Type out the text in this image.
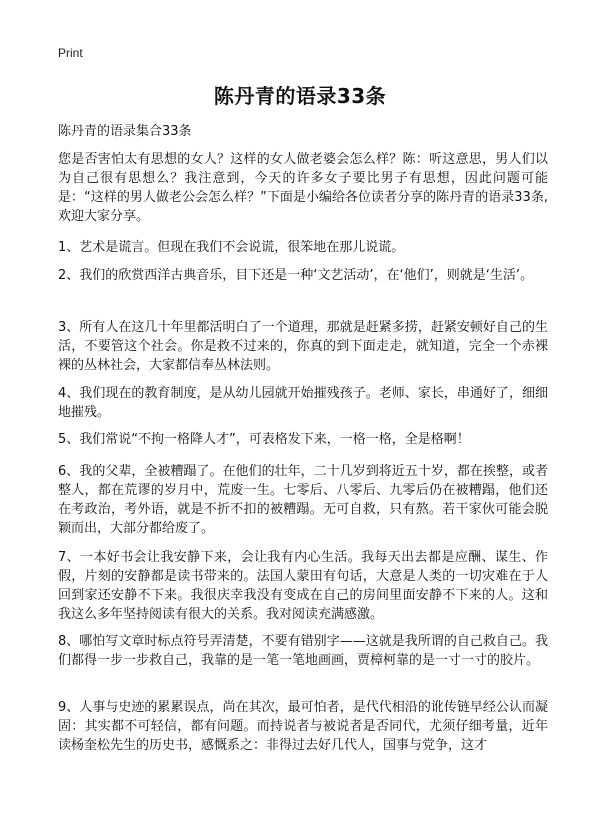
Print
陈丹青的语录33条
陈丹青的语录集合33条

您是否害怕太有思想的女人？这样的女人做老婆会怎么样？陈：听这意思，男人们以为自己很有思想么？我注意到，今天的许多女子要比男子有思想，因此问题可能是：“这样的男人做老公会怎么样？”下面是小编给各位读者分享的陈丹青的语录33条,欢迎大家分享。

1、艺术是谎言。但现在我们不会说谎，很笨地在那儿说谎。

2、我们的欣赏西洋古典音乐，目下还是一种‘文艺活动’，在‘他们’，则就是‘生活’。

3、所有人在这几十年里都活明白了一个道理，那就是赶紧多捞，赶紧安顿好自己的生活，不要管这个社会。你是救不过来的，你真的到下面走走，就知道，完全一个赤裸裸的丛林社会，大家都信奉丛林法则。

4、我们现在的教育制度，是从幼儿园就开始摧残孩子。老师、家长，串通好了，细细地摧残。

5、我们常说“不拘一格降人才”，可表格发下来，一格一格，全是格啊！

6、我的父辈，全被糟蹋了。在他们的壮年，二十几岁到将近五十岁，都在挨整，或者整人，都在荒谬的岁月中，荒废一生。七零后、八零后、九零后仍在被糟蹋，他们还在考政治，考外语，就是不折不扣的被糟蹋。无可自救，只有熬。若干家伙可能会脱颖而出，大部分都给废了。

7、一本好书会让我安静下来，会让我有内心生活。我每天出去都是应酬、谋生、作假，片刻的安静都是读书带来的。法国人蒙田有句话，大意是人类的一切灾难在于人 回到家还安静不下来。我很庆幸我没有变成在自己的房间里面安静不下来的人。这和我这么多年坚持阅读有很大的关系。我对阅读充满感激。

8、哪怕写文章时标点符号弄清楚，不要有错别字——这就是我所谓的自己救自己。我们都得一步一步救自己，我靠的是一笔一笔地画画，贾樟柯靠的是一寸一寸的胶片。

9、人事与史迹的累累误点，尚在其次，最可怕者，是代代相沿的讹传链早经公认而凝固：其实都不可轻信，都有问题。而持说者与被说者是否同代，尤须仔细考量，近年读杨奎松先生的历史书，感慨系之：非得过去好几代人，国事与党争，这才
